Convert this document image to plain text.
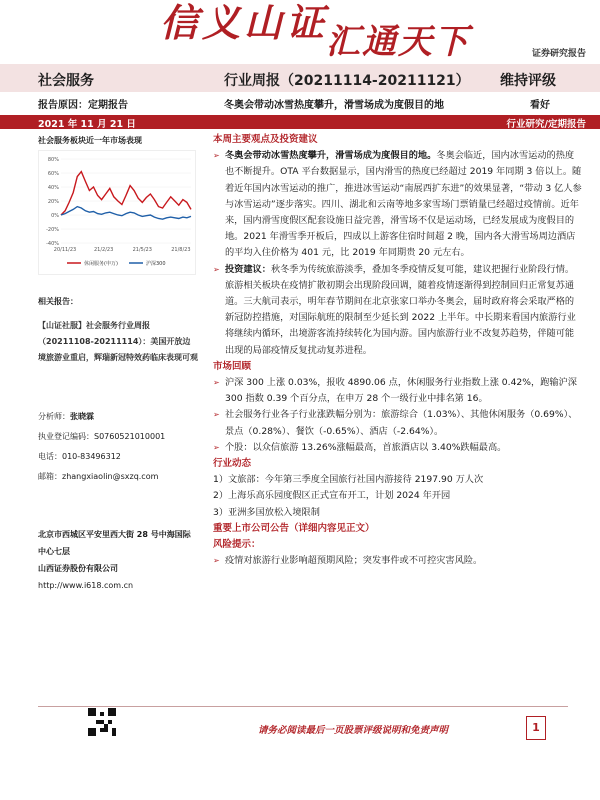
信义山证
汇通天下	证券研究报告
社会服务	行业周报（20211114-20211121） 维持评级
报告原因：定期报告	冬奥会带动冰雪热度攀升，滑雪场成为度假目的地	看好
2021 年 11 月 21 日	行业研究/定期报告
社会服务板块近一年市场表现
80%
60%
40%
20%
0%
-20%
-40%
20/11/23	21/2/23	21/5/23	21/8/23
休闲服务(申万)	沪深300
相关报告：
【山证社服】社会服务行业周报（20211108-20211114）：美国开放边境旅游业重启，辉瑞新冠特效药临床表现可观

分析师：张晓霖

执业登记编码：S0760521010001

电话：010-83496312

邮箱：zhangxiaolin@sxzq.com

北京市西城区平安里西大街 28 号中海国际中心七层

山西证券股份有限公司

http://www.i618.com.cn

本周主要观点及投资建议
➢ 冬奥会带动冰雪热度攀升，滑雪场成为度假目的地。冬奥会临近，国内冰雪运动的热度也不断提升。OTA 平台数据显示，国内滑雪的热度已经超过 2019 年同期 3 倍以上。随着近年国内冰雪运动的推广，推进冰雪运动“南展西扩东进”的效果显著，“带动 3 亿人参与冰雪运动”逐步落实。四川、湖北和云南等地多家雪场门票销量已经超过疫情前。近年来，国内滑雪度假区配套设施日益完善，滑雪场不仅是运动场，已经发展成为度假目的地。2021 年滑雪季开板后，四成以上游客住宿时间超 2 晚，国内各大滑雪场周边酒店的平均入住价格为 401 元，比 2019 年同期贵 20 元左右。
➢ 投资建议：秋冬季为传统旅游淡季，叠加冬季疫情反复可能，建议把握行业阶段行情。旅游相关板块在疫情扩散初期会出现阶段回调，随着疫情逐渐得到控制回归正常复苏通道。三大航司表示，明年春节期间在北京张家口举办冬奥会，届时政府将会采取严格的新冠防控措施，对国际航班的限制至少延长到 2022 上半年。中长期来看国内旅游行业将继续内循环，出境游客流持续转化为国内游。国内旅游行业不改复苏趋势，伴随可能出现的局部疫情反复扰动复苏进程。
市场回顾
➢ 沪深 300 上涨 0.03%，报收 4890.06 点，休闲服务行业指数上涨 0.42%，跑输沪深 300 指数 0.39 个百分点，在申万 28 个一级行业中排名第 16。
➢ 社会服务行业各子行业涨跌幅分别为：旅游综合（1.03%）、其他休闲服务（0.69%）、景点（0.28%）、餐饮（-0.65%）、酒店（-2.64%）。
➢ 个股：以众信旅游 13.26%涨幅最高，首旅酒店以 3.40%跌幅最高。
行业动态

1）文旅部：今年第三季度全国旅行社国内游接待 2197.90 万人次

2）上海乐高乐园度假区正式宣布开工，计划 2024 年开园

3）亚洲多国放松入境限制

重要上市公司公告（详细内容见正文）
风险提示：
➢ 疫情对旅游行业影响超预期风险；突发事件或不可控灾害风险。
请务必阅读最后一页股票评级说明和免责声明	1
